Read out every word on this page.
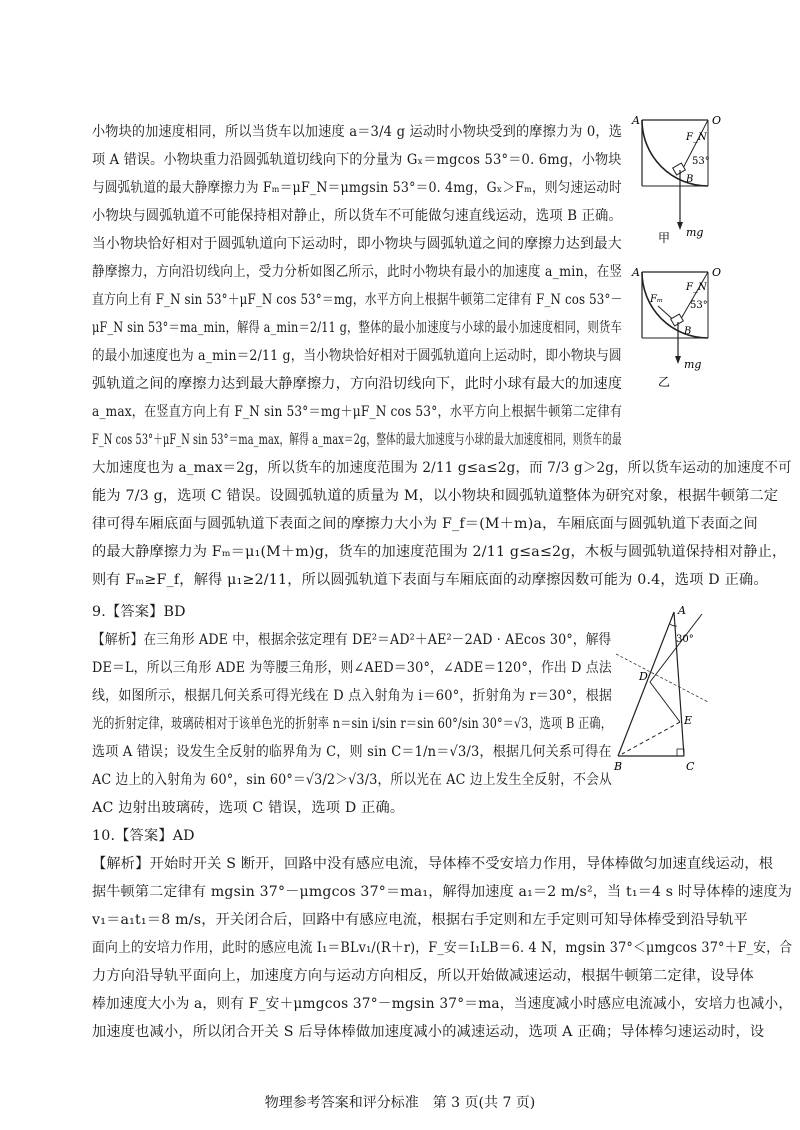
小物块的加速度相同，所以当货车以加速度 a＝3/4 g 运动时小物块受到的摩擦力为 0，选
项 A 错误。小物块重力沿圆弧轨道切线向下的分量为 Gₓ＝mgcos 53°＝0. 6mg，小物块
与圆弧轨道的最大静摩擦力为 Fₘ＝μF_N＝μmgsin 53°＝0. 4mg，Gₓ＞Fₘ，则匀速运动时
小物块与圆弧轨道不可能保持相对静止，所以货车不可能做匀速直线运动，选项 B 正确。
当小物块恰好相对于圆弧轨道向下运动时，即小物块与圆弧轨道之间的摩擦力达到最大
静摩擦力，方向沿切线向上，受力分析如图乙所示，此时小物块有最小的加速度 a_min，在竖
直方向上有 F_N sin 53°＋μF_N cos 53°＝mg，水平方向上根据牛顿第二定律有 F_N cos 53°－
μF_N sin 53°＝ma_min，解得 a_min＝2/11 g，整体的最小加速度与小球的最小加速度相同，则货车
的最小加速度也为 a_min＝2/11 g，当小物块恰好相对于圆弧轨道向上运动时，即小物块与圆
弧轨道之间的摩擦力达到最大静摩擦力，方向沿切线向下，此时小球有最大的加速度
a_max，在竖直方向上有 F_N sin 53°＝mg＋μF_N cos 53°，水平方向上根据牛顿第二定律有
F_N cos 53°＋μF_N sin 53°＝ma_max，解得 a_max＝2g，整体的最大加速度与小球的最大加速度相同，则货车的最
大加速度也为 a_max＝2g，所以货车的加速度范围为 2/11 g≤a≤2g，而 7/3 g＞2g，所以货车运动的加速度不可
能为 7/3 g，选项 C 错误。设圆弧轨道的质量为 M，以小物块和圆弧轨道整体为研究对象，根据牛顿第二定
律可得车厢底面与圆弧轨道下表面之间的摩擦力大小为 F_f＝(M＋m)a，车厢底面与圆弧轨道下表面之间
的最大静摩擦力为 Fₘ＝μ₁(M＋m)g，货车的加速度范围为 2/11 g≤a≤2g，木板与圆弧轨道保持相对静止，
则有 Fₘ≥F_f，解得 μ₁≥2/11，所以圆弧轨道下表面与车厢底面的动摩擦因数可能为 0.4，选项 D 正确。
9.【答案】BD
【解析】在三角形 ADE 中，根据余弦定理有 DE²＝AD²＋AE²－2AD · AEcos 30°，解得
DE＝L，所以三角形 ADE 为等腰三角形，则∠AED＝30°，∠ADE＝120°，作出 D 点法
线，如图所示，根据几何关系可得光线在 D 点入射角为 i＝60°，折射角为 r＝30°，根据
光的折射定律，玻璃砖相对于该单色光的折射率 n＝sin i/sin r＝sin 60°/sin 30°＝√3，选项 B 正确，
选项 A 错误；设发生全反射的临界角为 C，则 sin C＝1/n＝√3/3，根据几何关系可得在
AC 边上的入射角为 60°，sin 60°＝√3/2＞√3/3，所以光在 AC 边上发生全反射，不会从
AC 边射出玻璃砖，选项 C 错误，选项 D 正确。
10.【答案】AD
【解析】开始时开关 S 断开，回路中没有感应电流，导体棒不受安培力作用，导体棒做匀加速直线运动，根
据牛顿第二定律有 mgsin 37°－μmgcos 37°＝ma₁，解得加速度 a₁＝2 m/s²，当 t₁＝4 s 时导体棒的速度为
v₁＝a₁t₁＝8 m/s，开关闭合后，回路中有感应电流，根据右手定则和左手定则可知导体棒受到沿导轨平
面向上的安培力作用，此时的感应电流 I₁＝BLv₁/(R＋r)，F_安＝I₁LB＝6. 4 N，mgsin 37°＜μmgcos 37°＋F_安，合
力方向沿导轨平面向上，加速度方向与运动方向相反，所以开始做减速运动，根据牛顿第二定律，设导体
棒加速度大小为 a，则有 F_安＋μmgcos 37°－mgsin 37°＝ma，当速度减小时感应电流减小，安培力也减小，
加速度也减小，所以闭合开关 S 后导体棒做加速度减小的减速运动，选项 A 正确；导体棒匀速运动时，设
A	O
F_N
53°
B
mg
甲
A	O
F_N
Fₘ
53°
B
mg
乙
A
30°
D
E
B	C
物理参考答案和评分标准　第 3 页(共 7 页)
